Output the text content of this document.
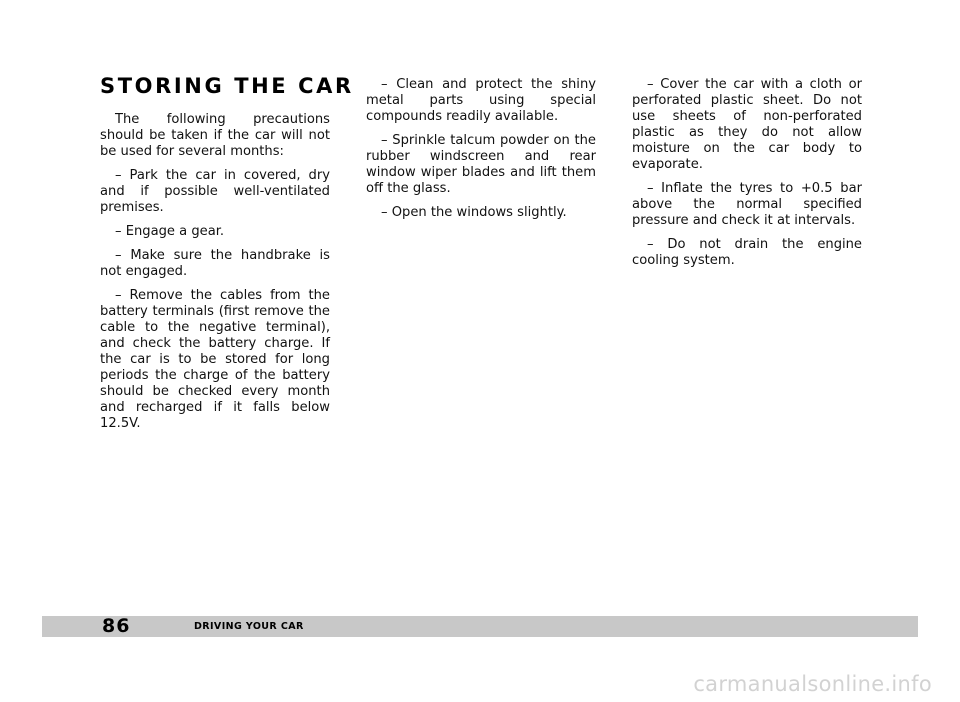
STORING THE CAR

The following precautions should be taken if the car will not be used for several months:

– Park the car in covered, dry and if possible well-ventilated premises.

– Engage a gear.

– Make sure the handbrake is not engaged.

– Remove the cables from the battery terminals (first remove the cable to the negative terminal), and check the battery charge. If the car is to be stored for long periods the charge of the battery should be checked every month and recharged if it falls below 12.5V.

– Clean and protect the shiny metal parts using special compounds readily available.

– Sprinkle talcum powder on the rubber windscreen and rear window wiper blades and lift them off the glass.

– Open the windows slightly.

– Cover the car with a cloth or perforated plastic sheet. Do not use sheets of non-perforated plastic as they do not allow moisture on the car body to evaporate.

– Inflate the tyres to +0.5 bar above the normal specified pressure and check it at intervals.

– Do not drain the engine cooling system.

86	DRIVING YOUR CAR
carmanualsonline.info
